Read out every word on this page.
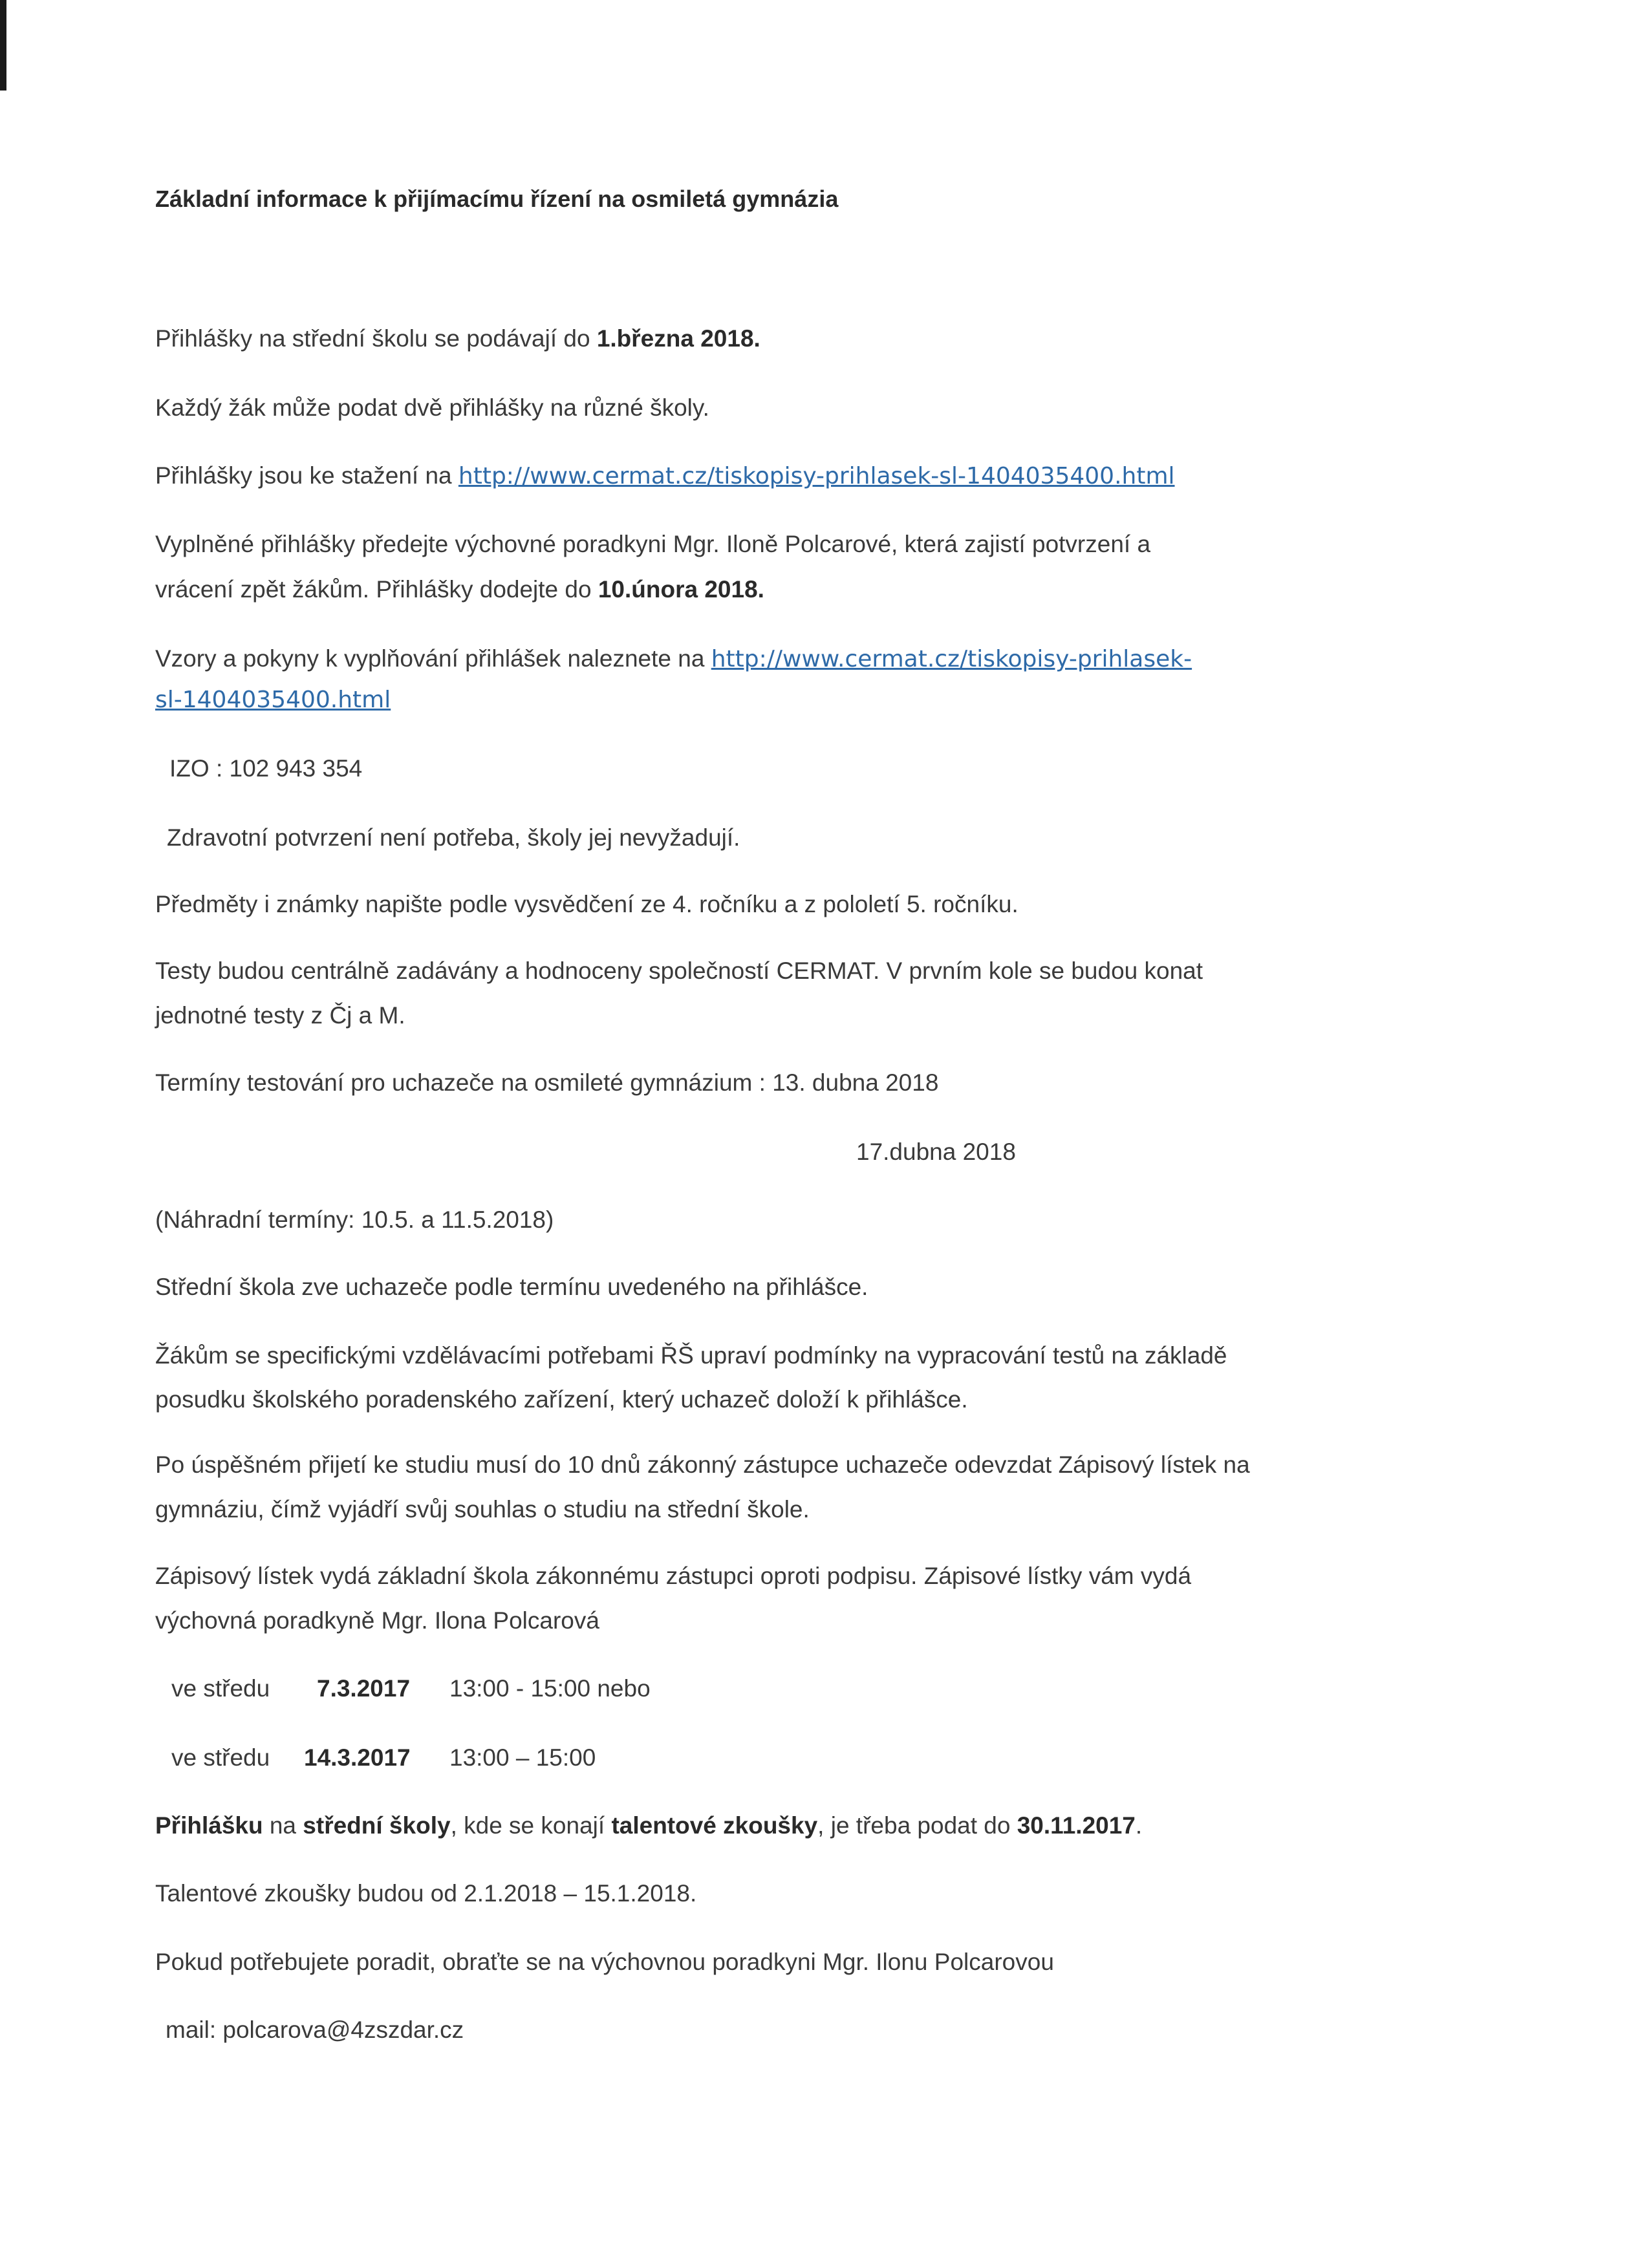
Základní informace k přijímacímu řízení na osmiletá gymnázia
Přihlášky na střední školu se podávají do 1.března 2018.
Každý žák může podat dvě přihlášky na různé školy.
Přihlášky jsou ke stažení na http://www.cermat.cz/tiskopisy-prihlasek-sl-1404035400.html
Vyplněné přihlášky předejte výchovné poradkyni Mgr. Iloně Polcarové, která zajistí potvrzení a
vrácení zpět žákům. Přihlášky dodejte do 10.února 2018.
Vzory a pokyny k vyplňování přihlášek naleznete na http://www.cermat.cz/tiskopisy-prihlasek-
sl-1404035400.html
IZO : 102 943 354
Zdravotní potvrzení není potřeba, školy jej nevyžadují.
Předměty i známky napište podle vysvědčení ze 4. ročníku a z pololetí 5. ročníku.
Testy budou centrálně zadávány a hodnoceny společností CERMAT. V prvním kole se budou konat
jednotné testy z Čj a M.
Termíny testování pro uchazeče na osmileté gymnázium : 13. dubna 2018
17.dubna 2018
(Náhradní termíny: 10.5. a 11.5.2018)
Střední škola zve uchazeče podle termínu uvedeného na přihlášce.
Žákům se specifickými vzdělávacími potřebami ŘŠ upraví podmínky na vypracování testů na základě
posudku školského poradenského zařízení, který uchazeč doloží k přihlášce.
Po úspěšném přijetí ke studiu musí do 10 dnů zákonný zástupce uchazeče odevzdat Zápisový lístek na
gymnáziu, čímž vyjádří svůj souhlas o studiu na střední škole.
Zápisový lístek vydá základní škola zákonnému zástupci oproti podpisu. Zápisové lístky vám vydá
výchovná poradkyně Mgr. Ilona Polcarová
ve středu 7.3.2017 13:00 - 15:00 nebo
ve středu 14.3.2017 13:00 – 15:00
Přihlášku na střední školy, kde se konají talentové zkoušky, je třeba podat do 30.11.2017.
Talentové zkoušky budou od 2.1.2018 – 15.1.2018.
Pokud potřebujete poradit, obraťte se na výchovnou poradkyni Mgr. Ilonu Polcarovou
mail: polcarova@4zszdar.cz
